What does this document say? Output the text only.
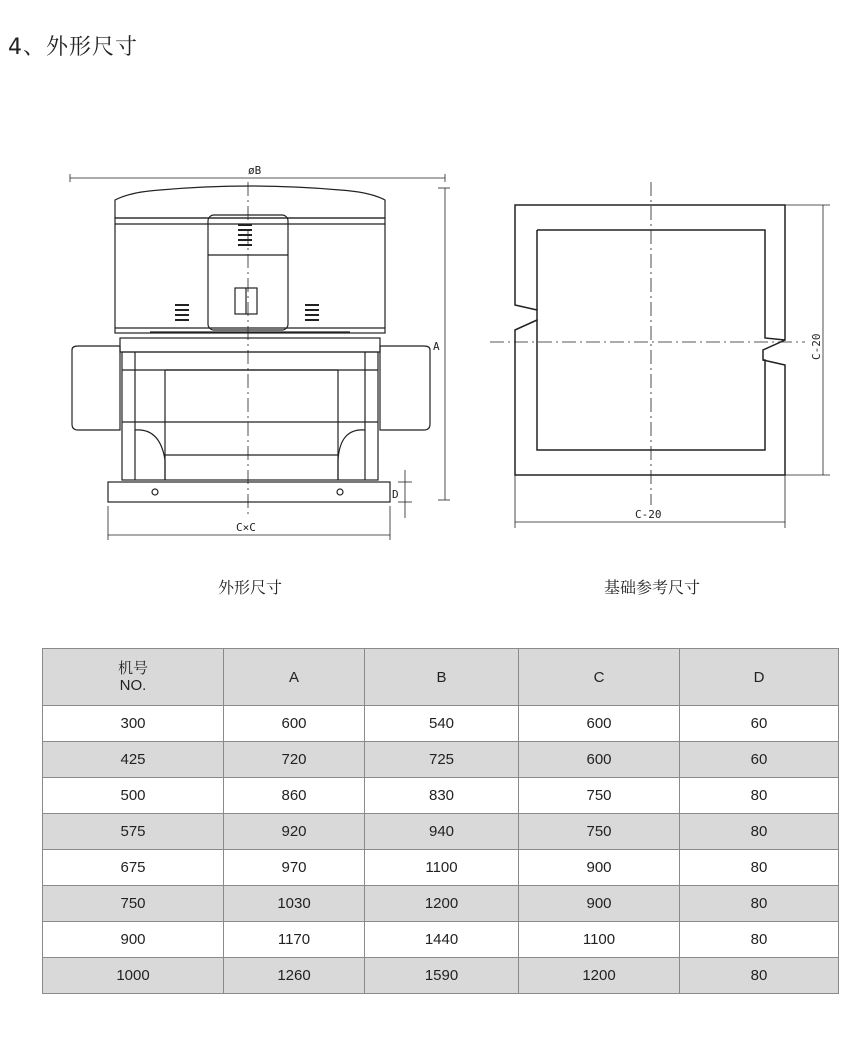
4、外形尺寸
øB
A
D
C×C
外形尺寸
C-20
C-20
基础参考尺寸
机号
NO.	A	B	C	D
300	600	540	600	60
425	720	725	600	60
500	860	830	750	80
575	920	940	750	80
675	970	1100	900	80
750	1030	1200	900	80
900	1170	1440	1100	80
1000	1260	1590	1200	80
